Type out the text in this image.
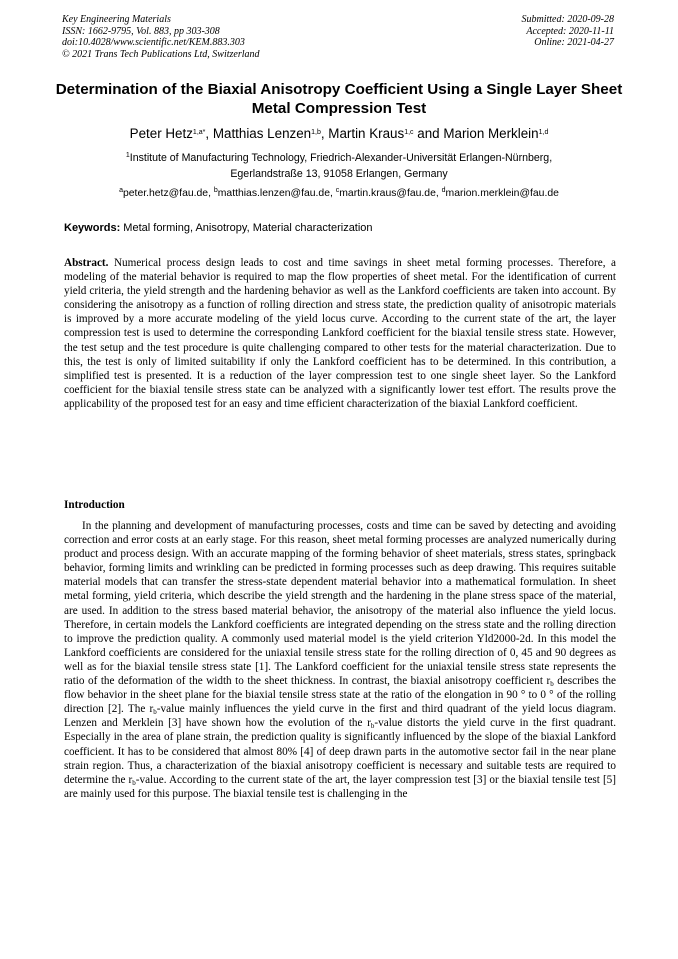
Key Engineering Materials
ISSN: 1662-9795, Vol. 883, pp 303-308
doi:10.4028/www.scientific.net/KEM.883.303
© 2021 Trans Tech Publications Ltd, Switzerland
Submitted: 2020-09-28
Accepted: 2020-11-11
Online: 2021-04-27
Determination of the Biaxial Anisotropy Coefficient Using a Single Layer Sheet Metal Compression Test
Peter Hetz$^{1,a*}$, Matthias Lenzen$^{1,b}$, Martin Kraus$^{1,c}$ and Marion Merklein$^{1,d}$
$^1$Institute of Manufacturing Technology, Friedrich-Alexander-Universität Erlangen-Nürnberg,
Egerlandstraße 13, 91058 Erlangen, Germany
$^a$peter.hetz@fau.de, $^b$matthias.lenzen@fau.de, $^c$martin.kraus@fau.de, $^d$marion.merklein@fau.de
Keywords: Metal forming, Anisotropy, Material characterization
Abstract. Numerical process design leads to cost and time savings in sheet metal forming processes. Therefore, a modeling of the material behavior is required to map the flow properties of sheet metal. For the identification of current yield criteria, the yield strength and the hardening behavior as well as the Lankford coefficients are taken into account. By considering the anisotropy as a function of rolling direction and stress state, the prediction quality of anisotropic materials is improved by a more accurate modeling of the yield locus curve. According to the current state of the art, the layer compression test is used to determine the corresponding Lankford coefficient for the biaxial tensile stress state. However, the test setup and the test procedure is quite challenging compared to other tests for the material characterization. Due to this, the test is only of limited suitability if only the Lankford coefficient has to be determined. In this contribution, a simplified test is presented. It is a reduction of the layer compression test to one single sheet layer. So the Lankford coefficient for the biaxial tensile stress state can be analyzed with a significantly lower test effort. The results prove the applicability of the proposed test for an easy and time efficient characterization of the biaxial Lankford coefficient.
Introduction
In the planning and development of manufacturing processes, costs and time can be saved by detecting and avoiding correction and error costs at an early stage. For this reason, sheet metal forming processes are analyzed numerically during product and process design. With an accurate mapping of the forming behavior of sheet materials, stress states, springback behavior, forming limits and wrinkling can be predicted in forming processes such as deep drawing. This requires suitable material models that can transfer the stress-state dependent material behavior into a mathematical formulation. In sheet metal forming, yield criteria, which describe the yield strength and the hardening in the plane stress space of the material, are used. In addition to the stress based material behavior, the anisotropy of the material also influence the yield locus. Therefore, in certain models the Lankford coefficients are integrated depending on the stress state and the rolling direction to improve the prediction quality. A commonly used material model is the yield criterion Yld2000-2d. In this model the Lankford coefficients are considered for the uniaxial tensile stress state for the rolling direction of 0, 45 and 90 degrees as well as for the biaxial tensile stress state [1]. The Lankford coefficient for the uniaxial tensile stress state represents the ratio of the deformation of the width to the sheet thickness. In contrast, the biaxial anisotropy coefficient $r_b$ describes the flow behavior in the sheet plane for the biaxial tensile stress state at the ratio of the elongation in 90 ° to 0 ° of the rolling direction [2]. The $r_b$-value mainly influences the yield curve in the first and third quadrant of the yield locus diagram. Lenzen and Merklein [3] have shown how the evolution of the $r_b$-value distorts the yield curve in the first quadrant. Especially in the area of plane strain, the prediction quality is significantly influenced by the slope of the biaxial Lankford coefficient. It has to be considered that almost 80% [4] of deep drawn parts in the automotive sector fail in the near plane strain region. Thus, a characterization of the biaxial anisotropy coefficient is necessary and suitable tests are required to determine the $r_b$-value. According to the current state of the art, the layer compression test [3] or the biaxial tensile test [5] are mainly used for this purpose. The biaxial tensile test is challenging in the
